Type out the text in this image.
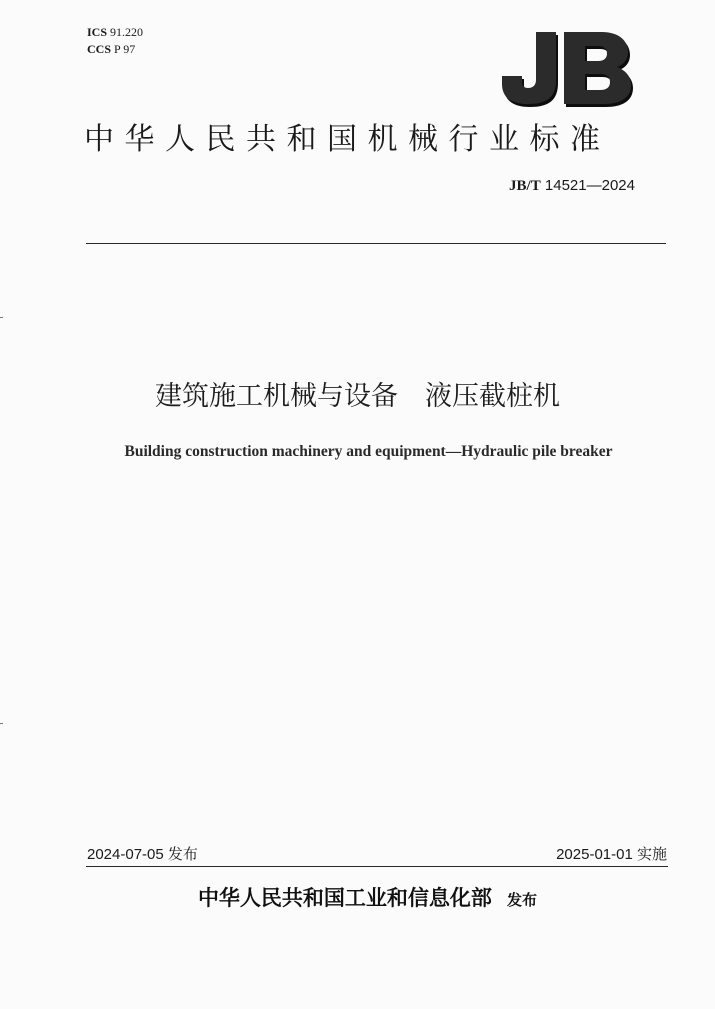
ICS 91.220
CCS P 97
中华人民共和国机械行业标准
JB/T 14521—2024
建筑施工机械与设备　液压截桩机
Building construction machinery and equipment—Hydraulic pile breaker
2024-07-05 发布	2025-01-01 实施
中华人民共和国工业和信息化部 发布
